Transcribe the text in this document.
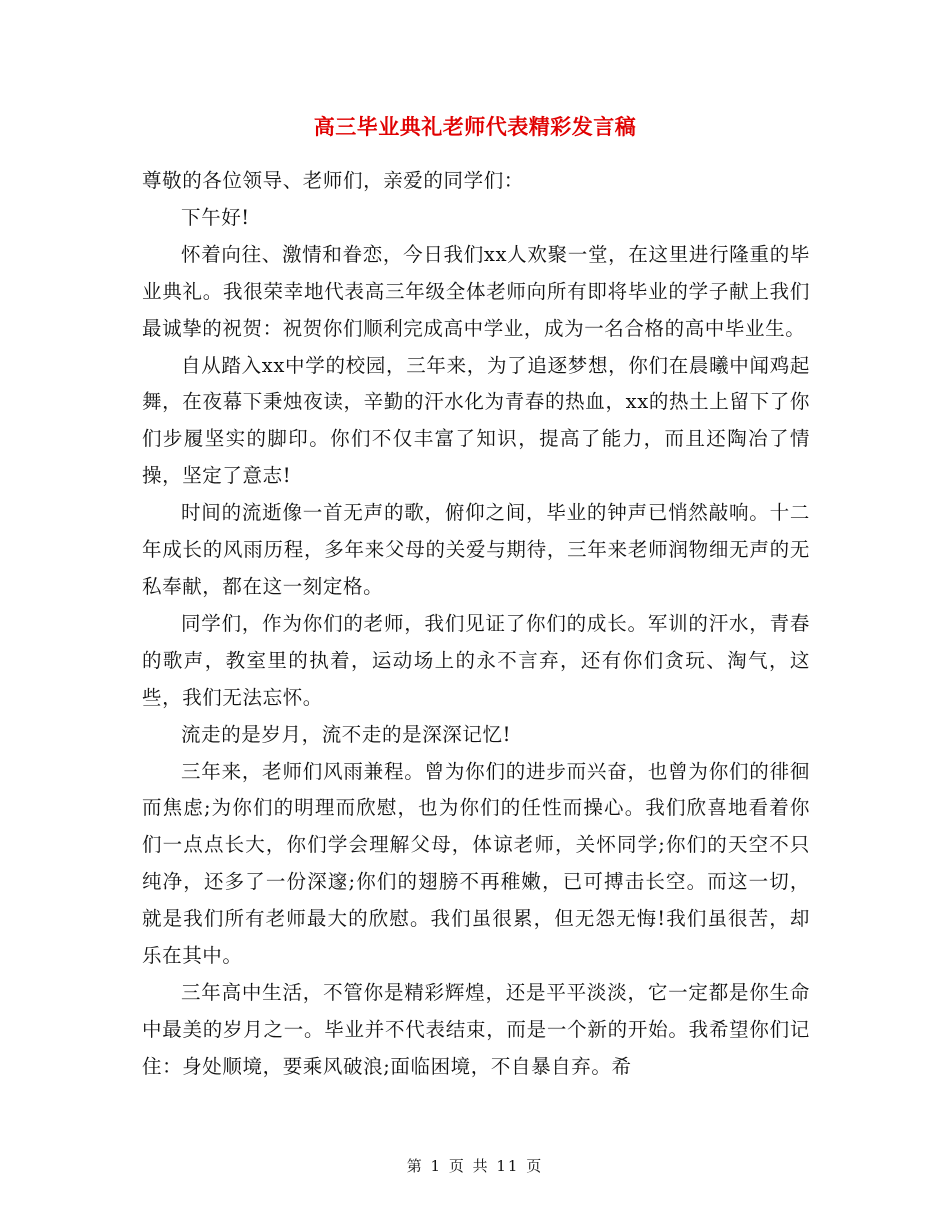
高三毕业典礼老师代表精彩发言稿

尊敬的各位领导、老师们，亲爱的同学们：

下午好!

怀着向往、激情和眷恋，今日我们xx人欢聚一堂，在这里进行隆重的毕业典礼。我很荣幸地代表高三年级全体老师向所有即将毕业的学子献上我们最诚挚的祝贺：祝贺你们顺利完成高中学业，成为一名合格的高中毕业生。

自从踏入xx中学的校园，三年来，为了追逐梦想，你们在晨曦中闻鸡起舞，在夜幕下秉烛夜读，辛勤的汗水化为青春的热血，xx的热土上留下了你们步履坚实的脚印。你们不仅丰富了知识，提高了能力，而且还陶冶了情操，坚定了意志!

时间的流逝像一首无声的歌，俯仰之间，毕业的钟声已悄然敲响。十二年成长的风雨历程，多年来父母的关爱与期待，三年来老师润物细无声的无私奉献，都在这一刻定格。

同学们，作为你们的老师，我们见证了你们的成长。军训的汗水，青春的歌声，教室里的执着，运动场上的永不言弃，还有你们贪玩、淘气，这些，我们无法忘怀。

流走的是岁月，流不走的是深深记忆!

三年来，老师们风雨兼程。曾为你们的进步而兴奋，也曾为你们的徘徊而焦虑;为你们的明理而欣慰，也为你们的任性而操心。我们欣喜地看着你们一点点长大，你们学会理解父母，体谅老师，关怀同学;你们的天空不只纯净，还多了一份深邃;你们的翅膀不再稚嫩，已可搏击长空。而这一切，就是我们所有老师最大的欣慰。我们虽很累，但无怨无悔!我们虽很苦，却乐在其中。

三年高中生活，不管你是精彩辉煌，还是平平淡淡，它一定都是你生命中最美的岁月之一。毕业并不代表结束，而是一个新的开始。我希望你们记住：身处顺境，要乘风破浪;面临困境，不自暴自弃。希

第 1 页 共 11 页
